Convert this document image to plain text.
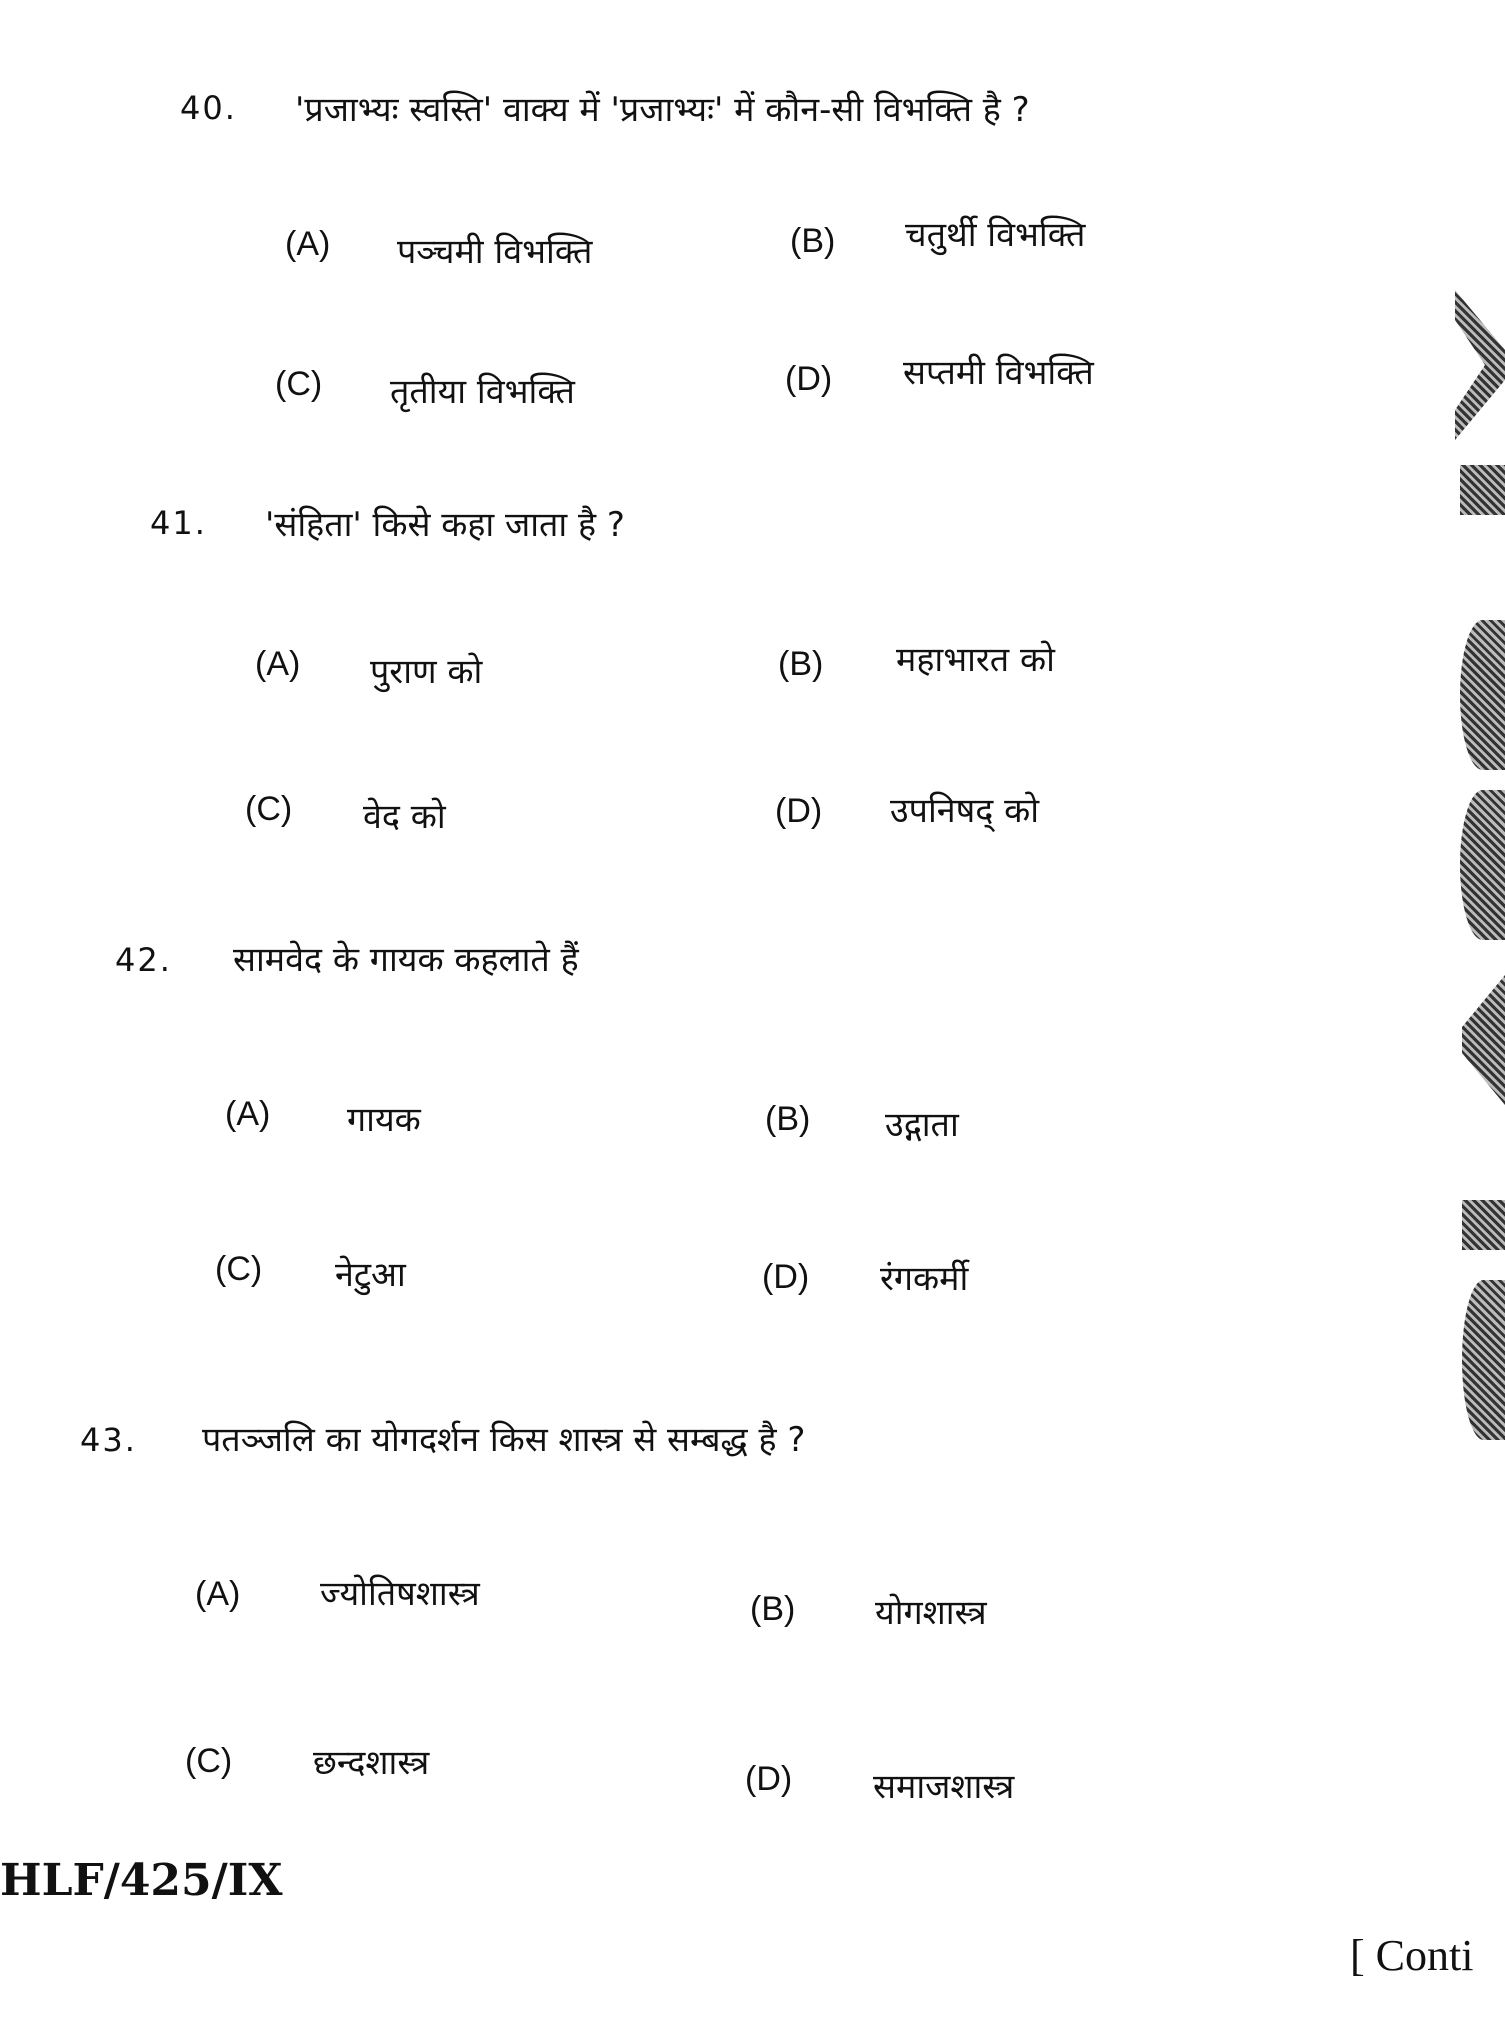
40. 'प्रजाभ्यः स्वस्ति' वाक्य में 'प्रजाभ्यः' में कौन-सी विभक्ति है ?
(A) पञ्चमी विभक्ति	(B) चतुर्थी विभक्ति
(C) तृतीया विभक्ति	(D) सप्तमी विभक्ति
41. 'संहिता' किसे कहा जाता है ?
(A) पुराण को	(B) महाभारत को
(C) वेद को	(D) उपनिषद् को
42. सामवेद के गायक कहलाते हैं
(A) गायक	(B) उद्गाता
(C) नेटुआ	(D) रंगकर्मी
43. पतञ्जलि का योगदर्शन किस शास्त्र से सम्बद्ध है ?
(A) ज्योतिषशास्त्र	(B) योगशास्त्र
(C) छन्दशास्त्र	(D) समाजशास्त्र
HLF/425/IX
[ Conti
